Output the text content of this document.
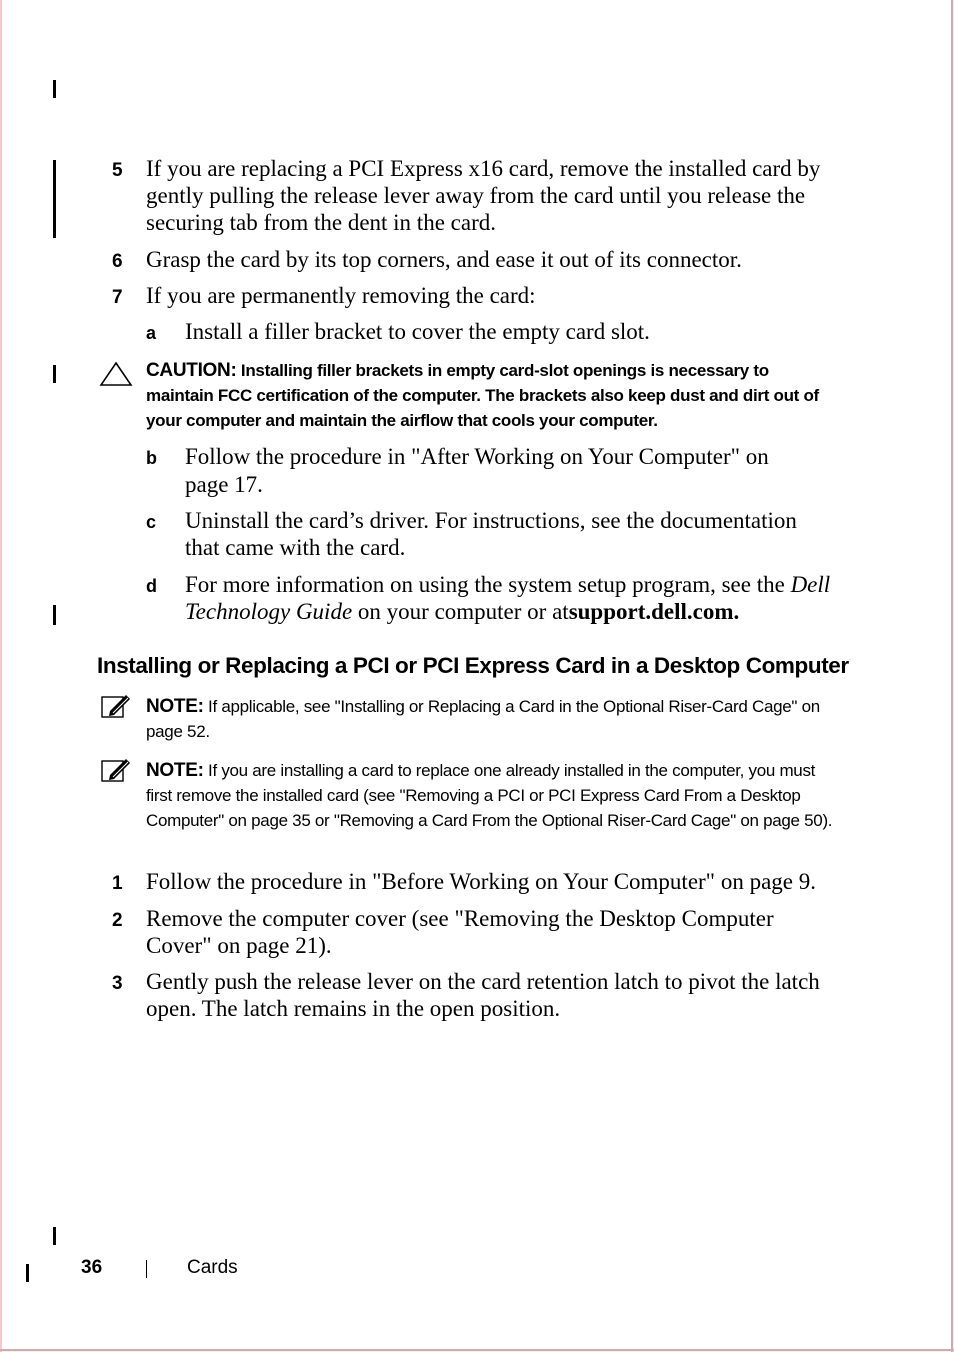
5 If you are replacing a PCI Express x16 card, remove the installed card by gently pulling the release lever away from the card until you release the securing tab from the dent in the card.
6 Grasp the card by its top corners, and ease it out of its connector.
7 If you are permanently removing the card:
a Install a filler bracket to cover the empty card slot.
CAUTION: Installing filler brackets in empty card-slot openings is necessary to maintain FCC certification of the computer. The brackets also keep dust and dirt out of your computer and maintain the airflow that cools your computer.
b Follow the procedure in "After Working on Your Computer" on page 17.
c Uninstall the card’s driver. For instructions, see the documentation that came with the card.
d For more information on using the system setup program, see the Dell Technology Guide on your computer or atsupport.dell.com.
Installing or Replacing a PCI or PCI Express Card in a Desktop Computer
NOTE: If applicable, see "Installing or Replacing a Card in the Optional Riser-Card Cage" on page 52.
NOTE: If you are installing a card to replace one already installed in the computer, you must first remove the installed card (see "Removing a PCI or PCI Express Card From a Desktop Computer" on page 35 or "Removing a Card From the Optional Riser-Card Cage" on page 50).
1 Follow the procedure in "Before Working on Your Computer" on page 9.
2 Remove the computer cover (see "Removing the Desktop Computer Cover" on page 21).
3 Gently push the release lever on the card retention latch to pivot the latch open. The latch remains in the open position.
36	Cards
